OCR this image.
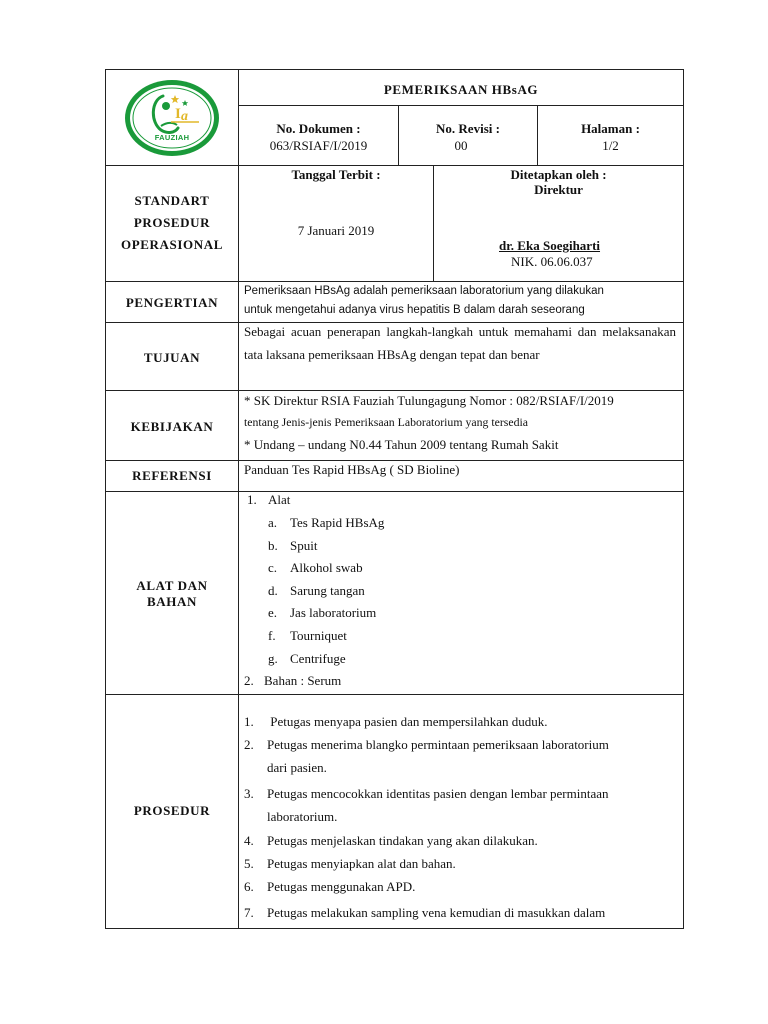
I a
FAUZIAH
PEMERIKSAAN HBsAG
No. Dokumen :
063/RSIAF/I/2019
No. Revisi :
00
Halaman :
1/2
STANDART
PROSEDUR
OPERASIONAL
Tanggal Terbit :
7 Januari 2019
Ditetapkan oleh :
Direktur
dr. Eka Soegiharti
NIK. 06.06.037
PENGERTIAN
Pemeriksaan HBsAg adalah pemeriksaan laboratorium yang dilakukan
untuk mengetahui adanya virus hepatitis B dalam darah seseorang
TUJUAN
Sebagai acuan penerapan langkah-langkah untuk memahami dan melaksanakan tata laksana pemeriksaan HBsAg dengan tepat dan benar
KEBIJAKAN
* SK Direktur RSIA Fauziah Tulungagung Nomor : 082/RSIAF/I/2019
tentang Jenis-jenis Pemeriksaan Laboratorium yang tersedia
* Undang – undang N0.44 Tahun 2009 tentang Rumah Sakit
REFERENSI	Panduan Tes Rapid HBsAg ( SD Bioline)
ALAT DAN
BAHAN
1. Alat
a. Tes Rapid HBsAg
b. Spuit
c. Alkohol swab
d. Sarung tangan
e. Jas laboratorium
f. Tourniquet
g. Centrifuge
2. Bahan : Serum
PROSEDUR
1. Petugas menyapa pasien dan mempersilahkan duduk.
2. Petugas menerima blangko permintaan pemeriksaan laboratorium
dari pasien.
3. Petugas mencocokkan identitas pasien dengan lembar permintaan
laboratorium.
4. Petugas menjelaskan tindakan yang akan dilakukan.
5. Petugas menyiapkan alat dan bahan.
6. Petugas menggunakan APD.
7. Petugas melakukan sampling vena kemudian di masukkan dalam
